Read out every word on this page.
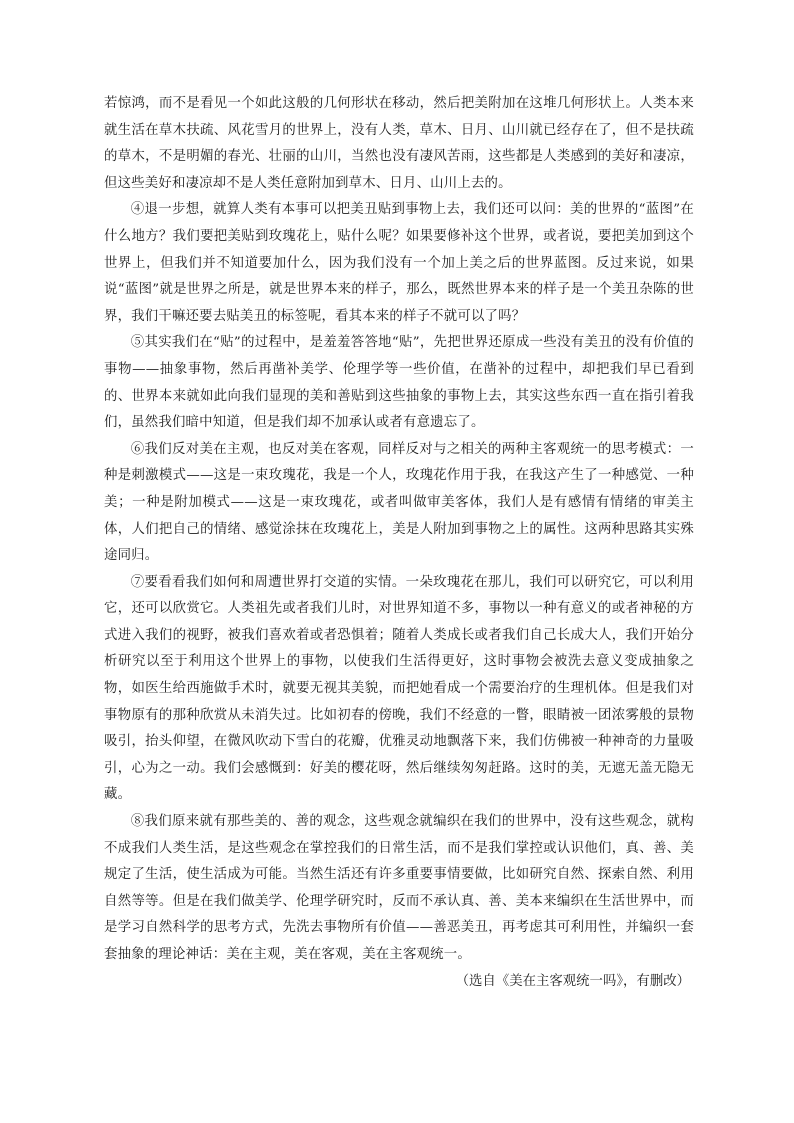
若惊鸿，而不是看见一个如此这般的几何形状在移动，然后把美附加在这堆几何形状上。人类本来就生活在草木扶疏、风花雪月的世界上，没有人类，草木、日月、山川就已经存在了，但不是扶疏的草木，不是明媚的春光、壮丽的山川，当然也没有凄风苦雨，这些都是人类感到的美好和凄凉，但这些美好和凄凉却不是人类任意附加到草木、日月、山川上去的。

④退一步想，就算人类有本事可以把美丑贴到事物上去，我们还可以问：美的世界的“蓝图”在什么地方？我们要把美贴到玫瑰花上，贴什么呢？如果要修补这个世界，或者说，要把美加到这个世界上，但我们并不知道要加什么，因为我们没有一个加上美之后的世界蓝图。反过来说，如果说“蓝图”就是世界之所是，就是世界本来的样子，那么，既然世界本来的样子是一个美丑杂陈的世界，我们干嘛还要去贴美丑的标签呢，看其本来的样子不就可以了吗？

⑤其实我们在“贴”的过程中，是羞羞答答地“贴”，先把世界还原成一些没有美丑的没有价值的事物——抽象事物，然后再凿补美学、伦理学等一些价值，在凿补的过程中，却把我们早已看到的、世界本来就如此向我们显现的美和善贴到这些抽象的事物上去，其实这些东西一直在指引着我们，虽然我们暗中知道，但是我们却不加承认或者有意遗忘了。

⑥我们反对美在主观，也反对美在客观，同样反对与之相关的两种主客观统一的思考模式：一种是刺激模式——这是一束玫瑰花，我是一个人，玫瑰花作用于我，在我这产生了一种感觉、一种美；一种是附加模式——这是一束玫瑰花，或者叫做审美客体，我们人是有感情有情绪的审美主体，人们把自己的情绪、感觉涂抹在玫瑰花上，美是人附加到事物之上的属性。这两种思路其实殊途同归。

⑦要看看我们如何和周遭世界打交道的实情。一朵玫瑰花在那儿，我们可以研究它，可以利用它，还可以欣赏它。人类祖先或者我们儿时，对世界知道不多，事物以一种有意义的或者神秘的方式进入我们的视野，被我们喜欢着或者恐惧着；随着人类成长或者我们自己长成大人，我们开始分析研究以至于利用这个世界上的事物，以使我们生活得更好，这时事物会被洗去意义变成抽象之物，如医生给西施做手术时，就要无视其美貌，而把她看成一个需要治疗的生理机体。但是我们对事物原有的那种欣赏从未消失过。比如初春的傍晚，我们不经意的一瞥，眼睛被一团浓雾般的景物吸引，抬头仰望，在微风吹动下雪白的花瓣，优雅灵动地飘落下来，我们仿佛被一种神奇的力量吸引，心为之一动。我们会感慨到：好美的樱花呀，然后继续匆匆赶路。这时的美，无遮无盖无隐无藏。

⑧我们原来就有那些美的、善的观念，这些观念就编织在我们的世界中，没有这些观念，就构不成我们人类生活，是这些观念在掌控我们的日常生活，而不是我们掌控或认识他们，真、善、美规定了生活，使生活成为可能。当然生活还有许多重要事情要做，比如研究自然、探索自然、利用自然等等。但是在我们做美学、伦理学研究时，反而不承认真、善、美本来编织在生活世界中，而是学习自然科学的思考方式，先洗去事物所有价值——善恶美丑，再考虑其可利用性，并编织一套套抽象的理论神话：美在主观，美在客观，美在主客观统一。

（选自《美在主客观统一吗》，有删改）
